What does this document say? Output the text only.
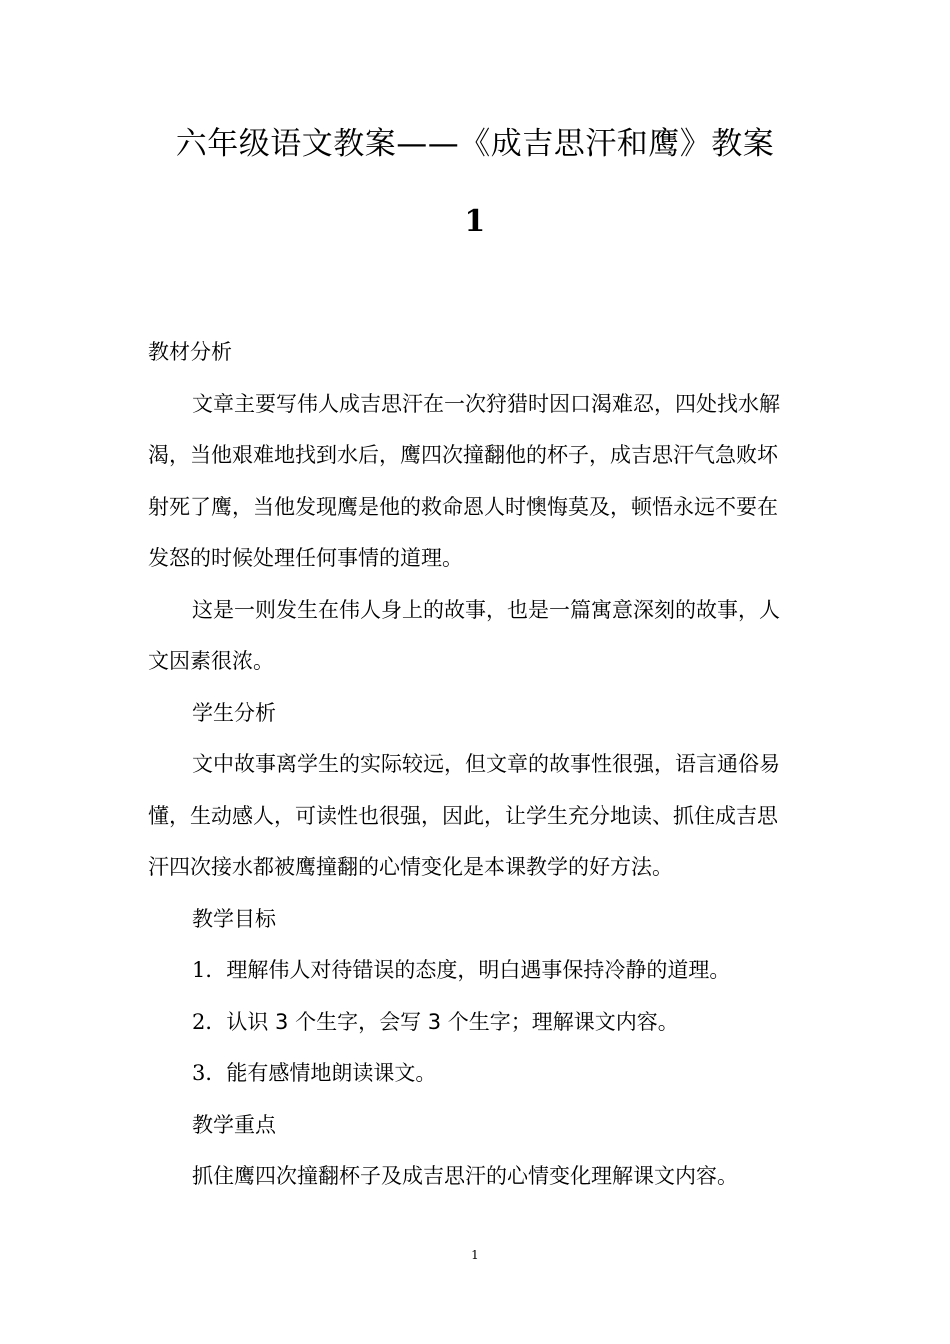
六年级语文教案——《成吉思汗和鹰》教案
1

教材分析

文章主要写伟人成吉思汗在一次狩猎时因口渴难忍，四处找水解渴，当他艰难地找到水后，鹰四次撞翻他的杯子，成吉思汗气急败坏射死了鹰，当他发现鹰是他的救命恩人时懊悔莫及，顿悟永远不要在发怒的时候处理任何事情的道理。

这是一则发生在伟人身上的故事，也是一篇寓意深刻的故事，人文因素很浓。

学生分析

文中故事离学生的实际较远，但文章的故事性很强，语言通俗易懂，生动感人，可读性也很强，因此，让学生充分地读、抓住成吉思汗四次接水都被鹰撞翻的心情变化是本课教学的好方法。

教学目标

1．理解伟人对待错误的态度，明白遇事保持冷静的道理。

2．认识 3 个生字，会写 3 个生字；理解课文内容。

3．能有感情地朗读课文。

教学重点

抓住鹰四次撞翻杯子及成吉思汗的心情变化理解课文内容。

1
